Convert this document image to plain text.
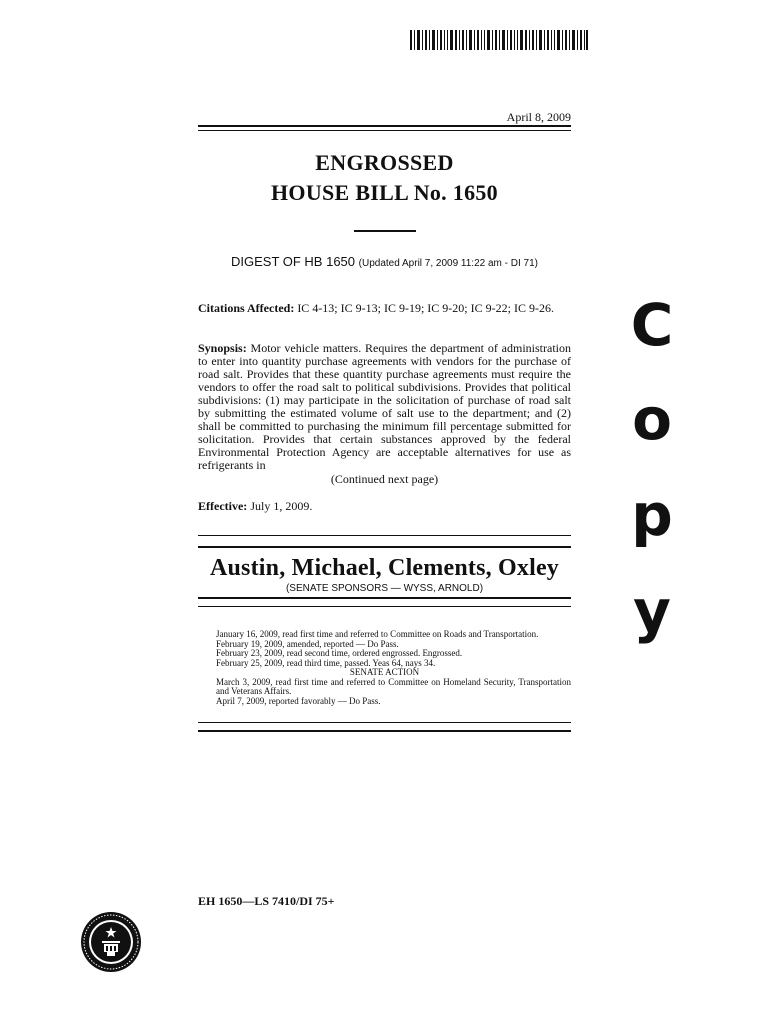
April 8, 2009
ENGROSSED
HOUSE BILL No. 1650
DIGEST OF HB 1650 (Updated April 7, 2009 11:22 am - DI 71)
Citations Affected: IC 4-13; IC 9-13; IC 9-19; IC 9-20; IC 9-22; IC 9-26.
Synopsis: Motor vehicle matters. Requires the department of administration to enter into quantity purchase agreements with vendors for the purchase of road salt. Provides that these quantity purchase agreements must require the vendors to offer the road salt to political subdivisions. Provides that political subdivisions: (1) may participate in the solicitation of purchase of road salt by submitting the estimated volume of salt use to the department; and (2) shall be committed to purchasing the minimum fill percentage submitted for solicitation. Provides that certain substances approved by the federal Environmental Protection Agency are acceptable alternatives for use as refrigerants in
(Continued next page)
Effective: July 1, 2009.
Austin, Michael, Clements, Oxley
(SENATE SPONSORS — WYSS, ARNOLD)
January 16, 2009, read first time and referred to Committee on Roads and Transportation.
February 19, 2009, amended, reported — Do Pass.
February 23, 2009, read second time, ordered engrossed. Engrossed.
February 25, 2009, read third time, passed. Yeas 64, nays 34.
SENATE ACTION
March 3, 2009, read first time and referred to Committee on Homeland Security, Transportation and Veterans Affairs.
April 7, 2009, reported favorably — Do Pass.
EH 1650—LS 7410/DI 75+
C
o
p
y
